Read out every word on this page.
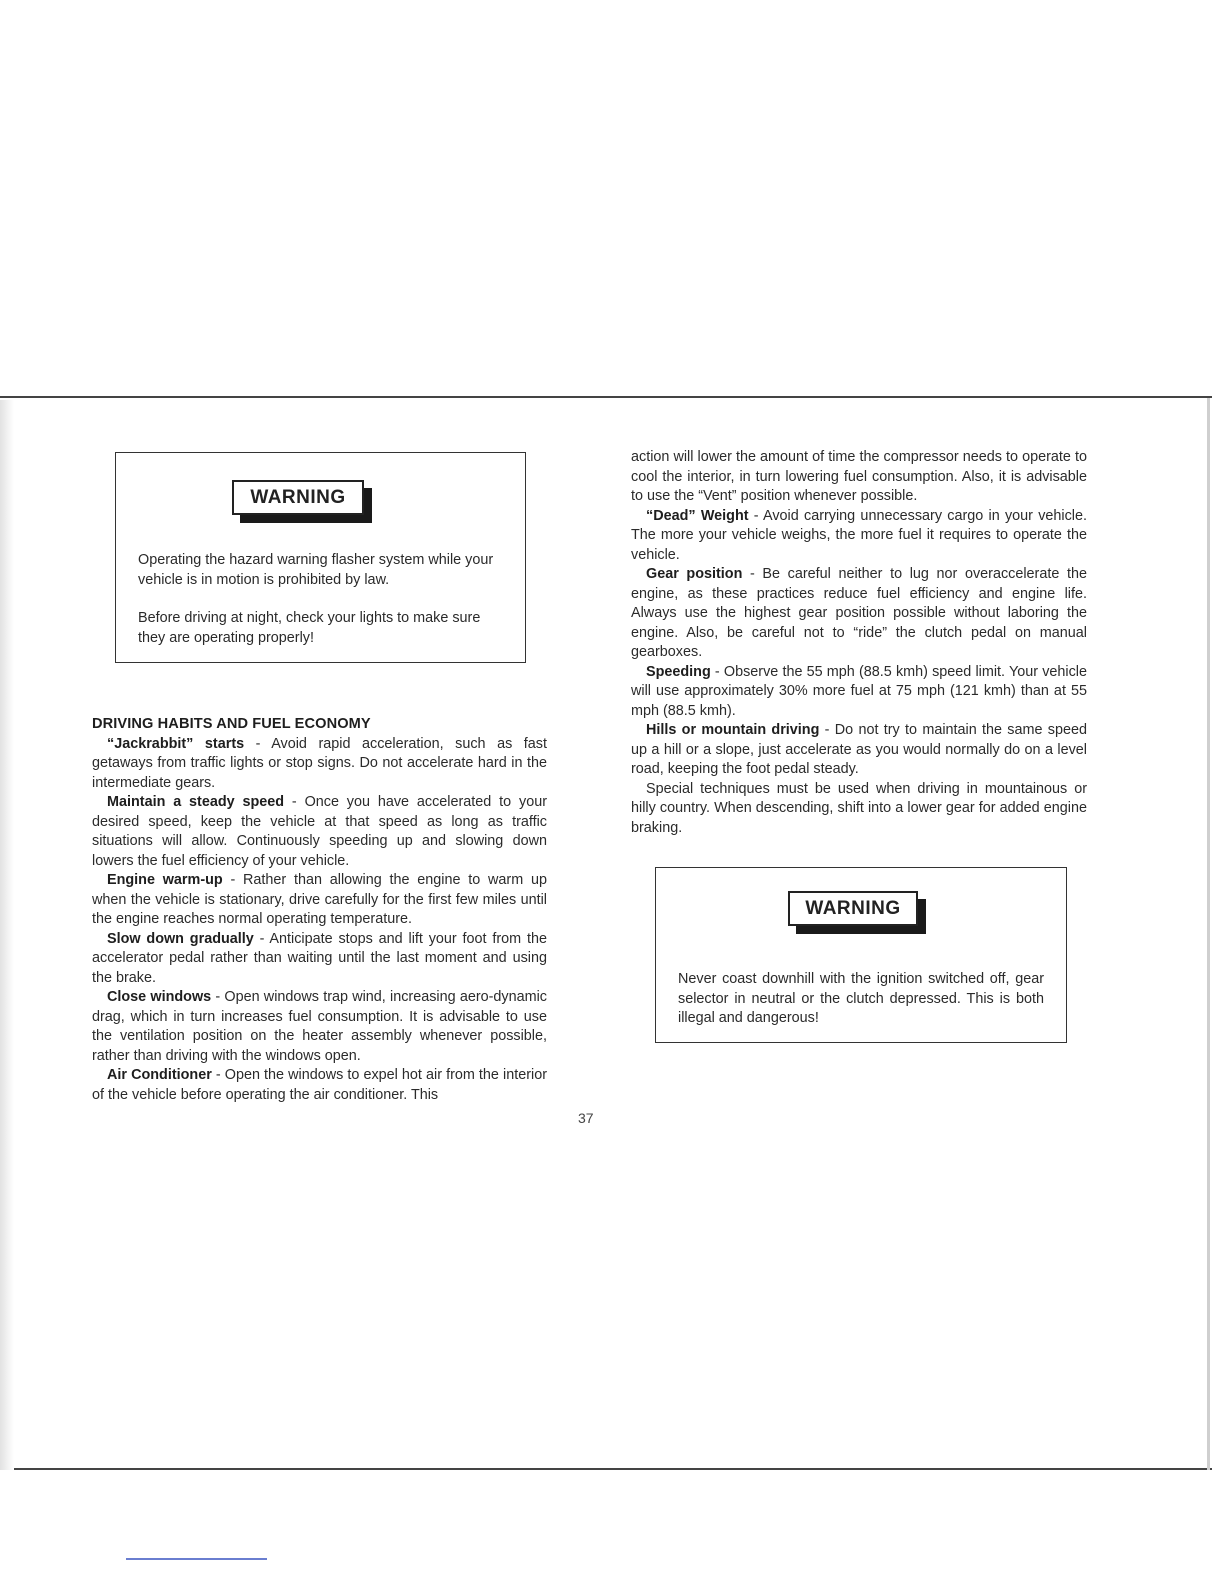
WARNING
Operating the hazard warning flasher system while your vehicle is in motion is prohibited by law.
Before driving at night, check your lights to make sure they are operating properly!

DRIVING HABITS AND FUEL ECONOMY

“Jackrabbit” starts - Avoid rapid acceleration, such as fast getaways from traffic lights or stop signs. Do not accelerate hard in the intermediate gears.

Maintain a steady speed - Once you have accelerated to your desired speed, keep the vehicle at that speed as long as traffic situations will allow. Continuously speeding up and slowing down lowers the fuel efficiency of your vehicle.

Engine warm-up - Rather than allowing the engine to warm up when the vehicle is stationary, drive carefully for the first few miles until the engine reaches normal operating temperature.

Slow down gradually - Anticipate stops and lift your foot from the accelerator pedal rather than waiting until the last moment and using the brake.

Close windows - Open windows trap wind, increasing aero-dynamic drag, which in turn increases fuel consumption. It is advisable to use the ventilation position on the heater assembly whenever possible, rather than driving with the windows open.

Air Conditioner - Open the windows to expel hot air from the interior of the vehicle before operating the air conditioner. This

action will lower the amount of time the compressor needs to operate to cool the interior, in turn lowering fuel consumption. Also, it is advisable to use the “Vent” position whenever possible.

“Dead” Weight - Avoid carrying unnecessary cargo in your vehicle. The more your vehicle weighs, the more fuel it requires to operate the vehicle.

Gear position - Be careful neither to lug nor overaccelerate the engine, as these practices reduce fuel efficiency and engine life. Always use the highest gear position possible without laboring the engine. Also, be careful not to “ride” the clutch pedal on manual gearboxes.

Speeding - Observe the 55 mph (88.5 kmh) speed limit. Your vehicle will use approximately 30% more fuel at 75 mph (121 kmh) than at 55 mph (88.5 kmh).

Hills or mountain driving - Do not try to maintain the same speed up a hill or a slope, just accelerate as you would normally do on a level road, keeping the foot pedal steady.

Special techniques must be used when driving in mountainous or hilly country. When descending, shift into a lower gear for added engine braking.

WARNING
Never coast downhill with the ignition switched off, gear selector in neutral or the clutch depressed. This is both illegal and dangerous!
37
